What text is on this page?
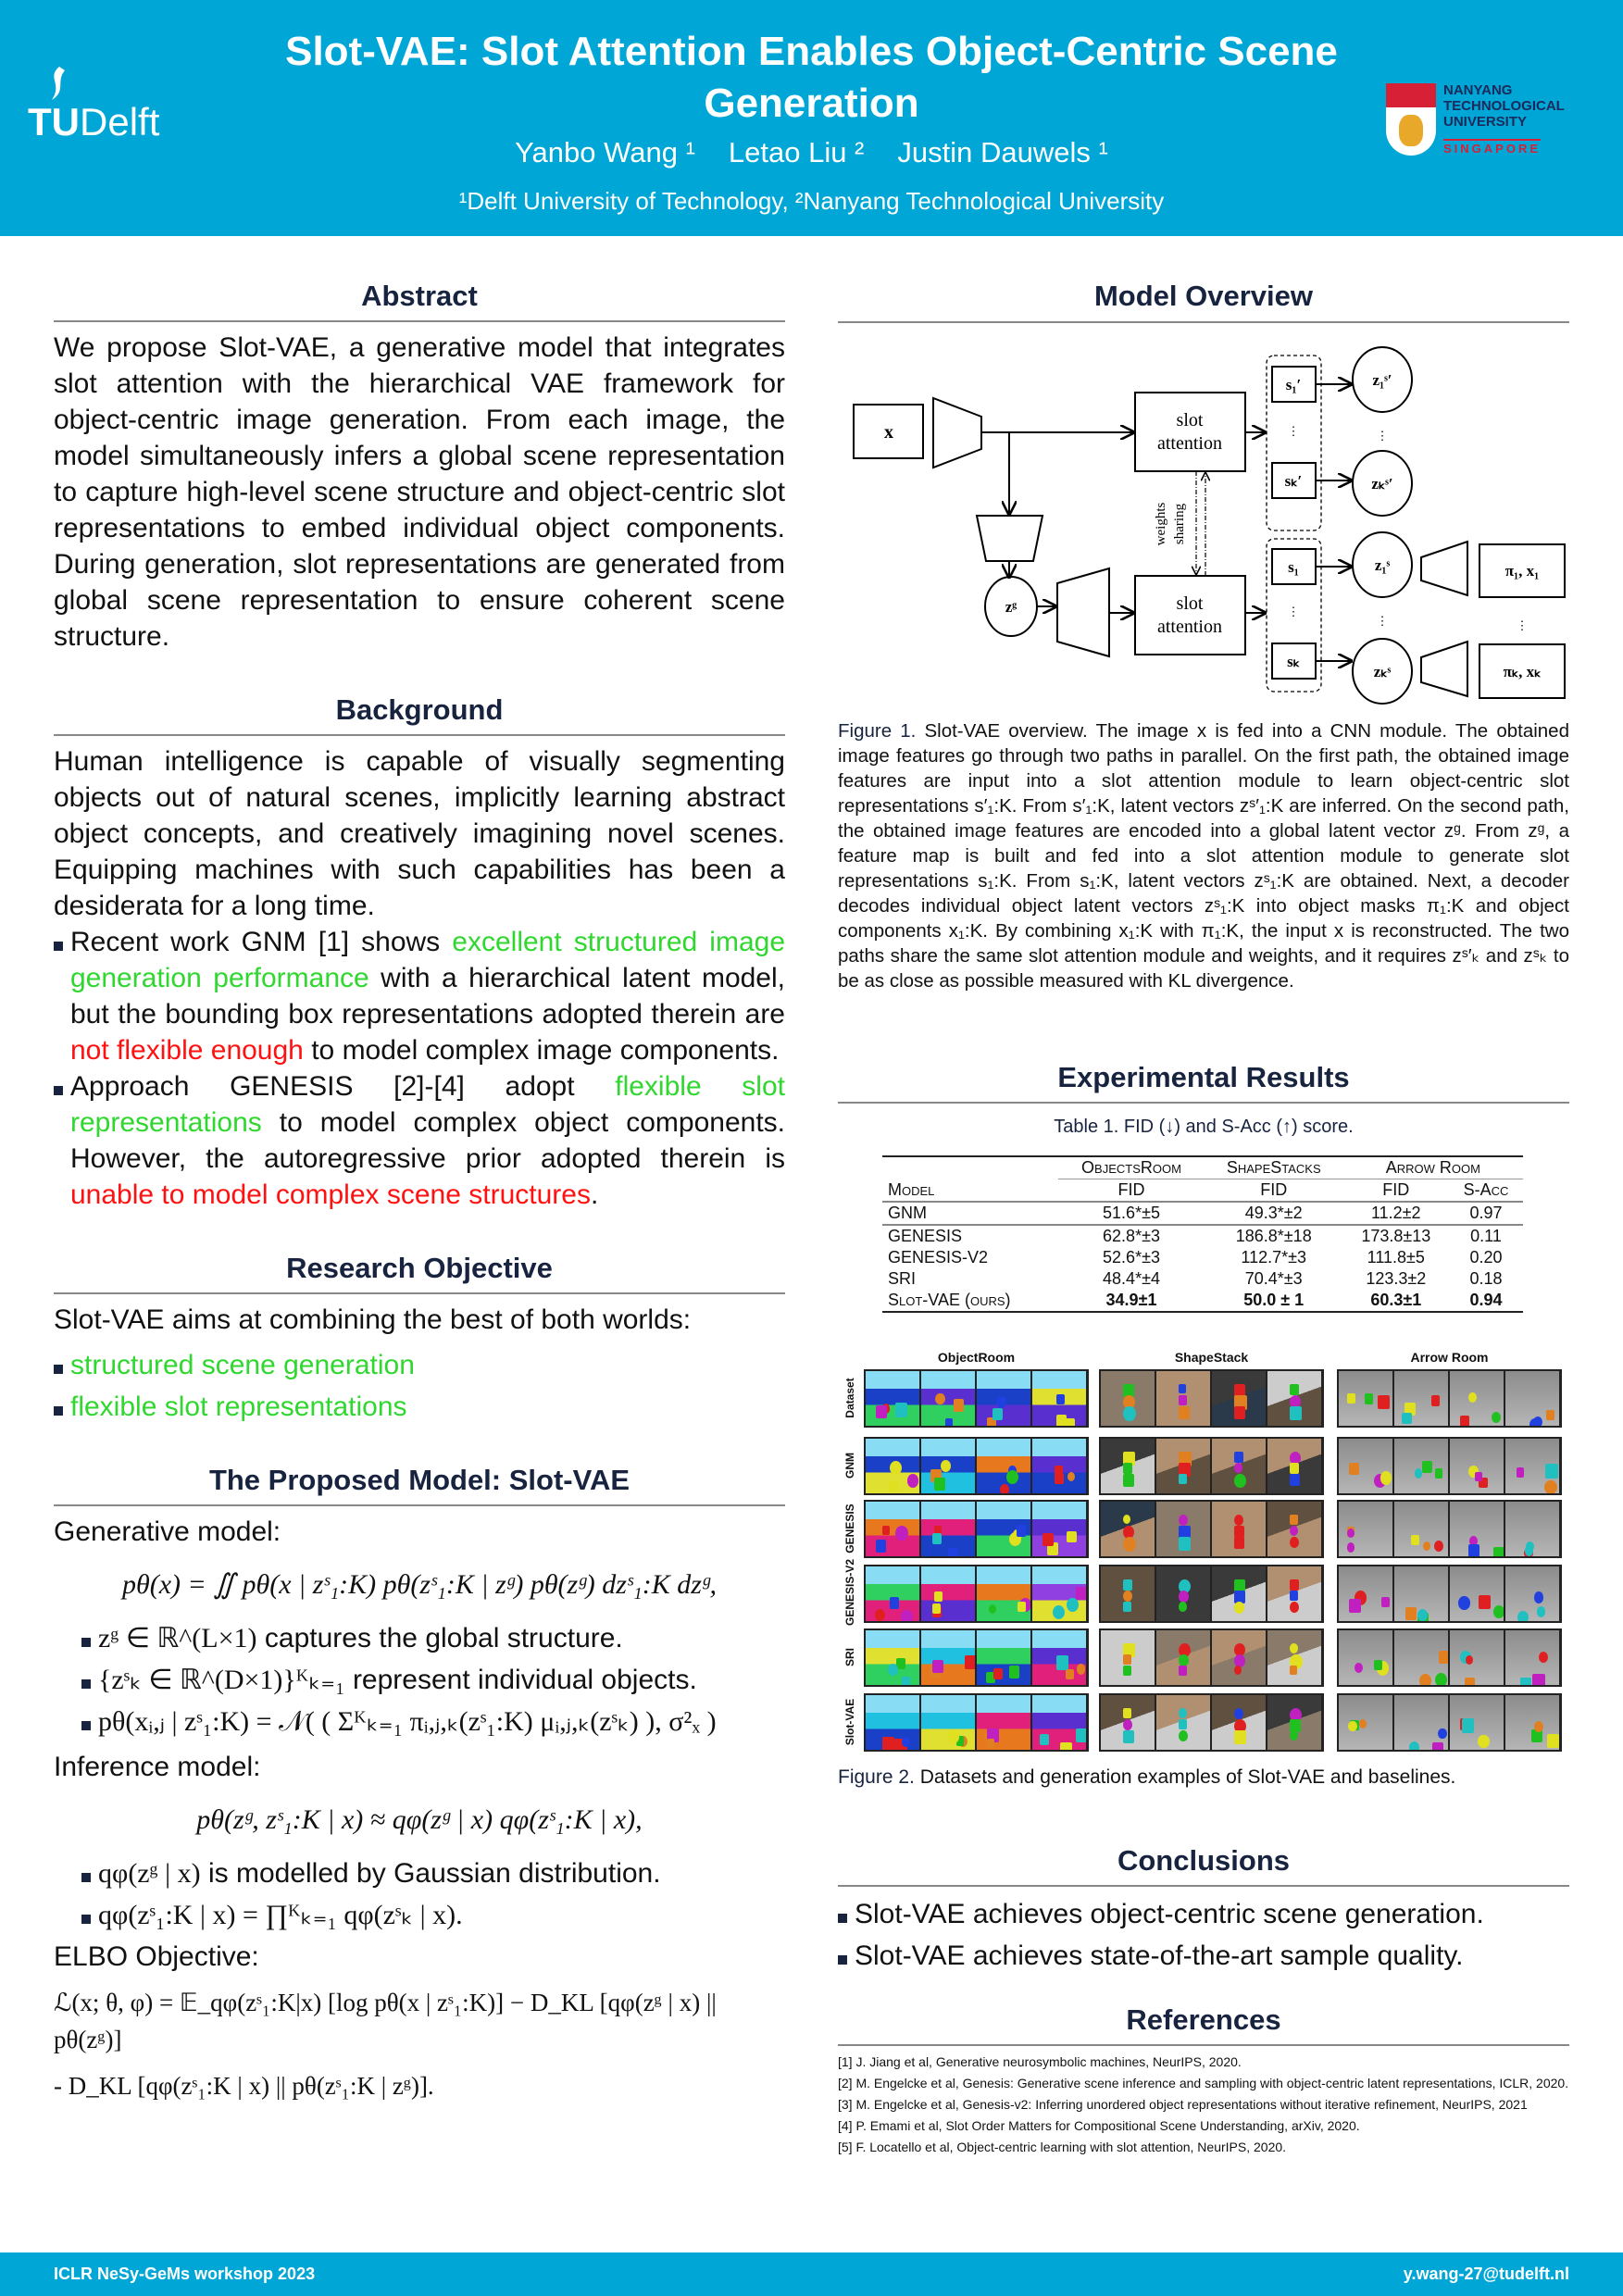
TUDelft
Slot-VAE: Slot Attention Enables Object-Centric Scene Generation
Yanbo Wang ¹ Letao Liu ² Justin Dauwels ¹
¹Delft University of Technology, ²Nanyang Technological University
NANYANG
TECHNOLOGICAL
UNIVERSITY
SINGAPORE
Abstract
We propose Slot-VAE, a generative model that integrates slot attention with the hierarchical VAE framework for object-centric image generation. From each image, the model simultaneously infers a global scene representation to capture high-level scene structure and object-centric slot representations to embed individual object components. During generation, slot representations are generated from global scene representation to ensure coherent scene structure.
Background
Human intelligence is capable of visually segmenting objects out of natural scenes, implicitly learning abstract object concepts, and creatively imagining novel scenes. Equipping machines with such capabilities has been a desiderata for a long time.
Recent work GNM [1] shows excellent structured image generation performance with a hierarchical latent model, but the bounding box representations adopted therein are not flexible enough to model complex image components.
Approach GENESIS [2]-[4] adopt flexible slot representations to model complex object components. However, the autoregressive prior adopted therein is unable to model complex scene structures.
Research Objective
Slot-VAE aims at combining the best of both worlds:
structured scene generation
flexible slot representations
The Proposed Model: Slot-VAE
Generative model:
pθ(x) = ∬ pθ(x | zˢ₁:K) pθ(zˢ₁:K | zᵍ) pθ(zᵍ) dzˢ₁:K dzᵍ,
zᵍ ∈ ℝ^(L×1) captures the global structure.
{zˢₖ ∈ ℝ^(D×1)}ᴷₖ₌₁ represent individual objects.
pθ(xᵢ,ⱼ | zˢ₁:K) = 𝒩( ( Σᴷₖ₌₁ πᵢ,ⱼ,ₖ(zˢ₁:K) μᵢ,ⱼ,ₖ(zˢₖ) ), σ²ₓ )
Inference model:
pθ(zᵍ, zˢ₁:K | x) ≈ qφ(zᵍ | x) qφ(zˢ₁:K | x),
qφ(zᵍ | x) is modelled by Gaussian distribution.
qφ(zˢ₁:K | x) = ∏ᴷₖ₌₁ qφ(zˢₖ | x).
ELBO Objective:
ℒ(x; θ, φ) = 𝔼_qφ(zˢ₁:K|x) [log pθ(x | zˢ₁:K)] − D_KL [qφ(zᵍ | x) || pθ(zᵍ)]
- D_KL [qφ(zˢ₁:K | x) || pθ(zˢ₁:K | zᵍ)].
Model Overview
⋮
⋮
⋮
⋮	⋮
x
slot
attention
slot
attention
weights sharing
s₁′
sₖ′
s₁
sₖ
z₁ˢ′
zₖˢ′
z₁ˢ
zₖˢ
zᵍ
π₁, x₁
πₖ, xₖ
Figure 1. Slot-VAE overview. The image x is fed into a CNN module. The obtained image features go through two paths in parallel. On the first path, the obtained image features are input into a slot attention module to learn object-centric slot representations s′₁:K. From s′₁:K, latent vectors zˢ′₁:K are inferred. On the second path, the obtained image features are encoded into a global latent vector zᵍ. From zᵍ, a feature map is built and fed into a slot attention module to generate slot representations s₁:K. From s₁:K, latent vectors zˢ₁:K are obtained. Next, a decoder decodes individual object latent vectors zˢ₁:K into object masks π₁:K and object components x₁:K. By combining x₁:K with π₁:K, the input x is reconstructed. The two paths share the same slot attention module and weights, and it requires zˢ′ₖ and zˢₖ to be as close as possible measured with KL divergence.
Experimental Results
Table 1. FID (↓) and S-Acc (↑) score.
	ObjectsRoom	ShapeStacks	Arrow Room	
Model	FID	FID	FID	S-Acc
GNM	51.6*±5	49.3*±2	11.2±2	0.97
GENESIS	62.8*±3	186.8*±18	173.8±13	0.11
GENESIS-V2	52.6*±3	112.7*±3	111.8±5	0.20
SRI	48.4*±4	70.4*±3	123.3±2	0.18
Slot-VAE (ours)	34.9±1	50.0 ± 1	60.3±1	0.94
ObjectRoom	ShapeStack	Arrow Room
Dataset
GNM
GENESIS
GENESIS-V2
SRI
Slot-VAE
Figure 2. Datasets and generation examples of Slot-VAE and baselines.
Conclusions
Slot-VAE achieves object-centric scene generation.
Slot-VAE achieves state-of-the-art sample quality.
References
[1] J. Jiang et al, Generative neurosymbolic machines, NeurIPS, 2020.
[2] M. Engelcke et al, Genesis: Generative scene inference and sampling with object-centric latent representations, ICLR, 2020.
[3] M. Engelcke et al, Genesis-v2: Inferring unordered object representations without iterative refinement, NeurIPS, 2021
[4] P. Emami et al, Slot Order Matters for Compositional Scene Understanding, arXiv, 2020.
[5] F. Locatello et al, Object-centric learning with slot attention, NeurIPS, 2020.
ICLR NeSy-GeMs workshop 2023	y.wang-27@tudelft.nl
